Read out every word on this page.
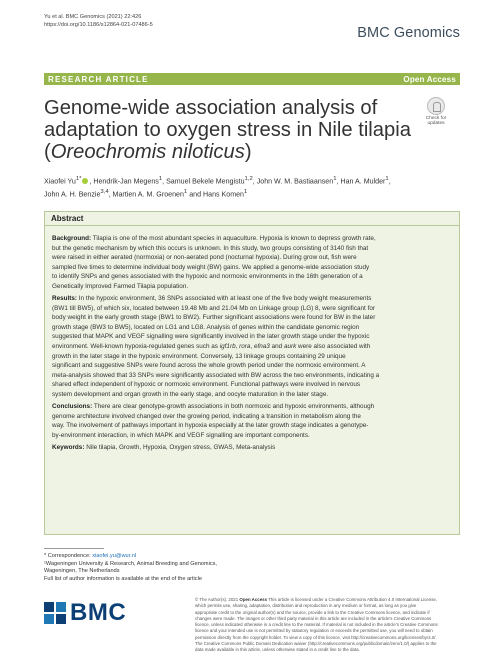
Yu et al. BMC Genomics (2021) 22:426
https://doi.org/10.1186/s12864-021-07486-5	BMC Genomics
RESEARCH ARTICLE	Open Access
Genome-wide association analysis of
adaptation to oxygen stress in Nile tilapia
(Oreochromis niloticus)
Check for
updates
Xiaofei $Yu^{1*}$ , Hendrik-Jan Megens$^1$, Samuel Bekele Mengistu$^{1,2}$, John W. M. Bastiaansen$^1$, Han A. Mulder$^1$,
John A. H. Benzie$^{3,4}$, Martien A. M. Groenen$^1$ and Hans Komen$^1$
Abstract
Background: Tilapia is one of the most abundant species in aquaculture. Hypoxia is known to depress growth rate,
but the genetic mechanism by which this occurs is unknown. In this study, two groups consisting of 3140 fish that
were raised in either aerated (normoxia) or non-aerated pond (nocturnal hypoxia). During grow out, fish were
sampled five times to determine individual body weight (BW) gains. We applied a genome-wide association study
to identify SNPs and genes associated with the hypoxic and normoxic environments in the 16th generation of a
Genetically Improved Farmed Tilapia population.
Results: In the hypoxic environment, 36 SNPs associated with at least one of the five body weight measurements
(BW1 till BW5), of which six, located between 19.48 Mb and 21.04 Mb on Linkage group (LG) 8, were significant for
body weight in the early growth stage (BW1 to BW2). Further significant associations were found for BW in the later
growth stage (BW3 to BW5), located on LG1 and LG8. Analysis of genes within the candidate genomic region
suggested that MAPK and VEGF signalling were significantly involved in the later growth stage under the hypoxic
environment. Well-known hypoxia-regulated genes such as igf1rb, rora, efna3 and aurk were also associated with
growth in the later stage in the hypoxic environment. Conversely, 13 linkage groups containing 29 unique
significant and suggestive SNPs were found across the whole growth period under the normoxic environment. A
meta-analysis showed that 33 SNPs were significantly associated with BW across the two environments, indicating a
shared effect independent of hypoxic or normoxic environment. Functional pathways were involved in nervous
system development and organ growth in the early stage, and oocyte maturation in the later stage.
Conclusions: There are clear genotype-growth associations in both normoxic and hypoxic environments, although
genome architecture involved changed over the growing period, indicating a transition in metabolism along the
way. The involvement of pathways important in hypoxia especially at the later growth stage indicates a genotype-
by-environment interaction, in which MAPK and VEGF signalling are important components.
Keywords: Nile tilapia, Growth, Hypoxia, Oxygen stress, GWAS, Meta-analysis
* Correspondence: xiaofei.yu@wur.nl
¹Wageningen University & Research, Animal Breeding and Genomics,
Wageningen, The Netherlands
Full list of author information is available at the end of the article
BMC	© The Author(s). 2021 Open Access This article is licensed under a Creative Commons Attribution 4.0 International License,
which permits use, sharing, adaptation, distribution and reproduction in any medium or format, as long as you give
appropriate credit to the original author(s) and the source, provide a link to the Creative Commons licence, and indicate if
changes were made. The images or other third party material in this article are included in the article's Creative Commons
licence, unless indicated otherwise in a credit line to the material. If material is not included in the article's Creative Commons
licence and your intended use is not permitted by statutory regulation or exceeds the permitted use, you will need to obtain
permission directly from the copyright holder. To view a copy of this licence, visit http://creativecommons.org/licenses/by/4.0/.
The Creative Commons Public Domain Dedication waiver (http://creativecommons.org/publicdomain/zero/1.0/) applies to the
data made available in this article, unless otherwise stated in a credit line to the data.
